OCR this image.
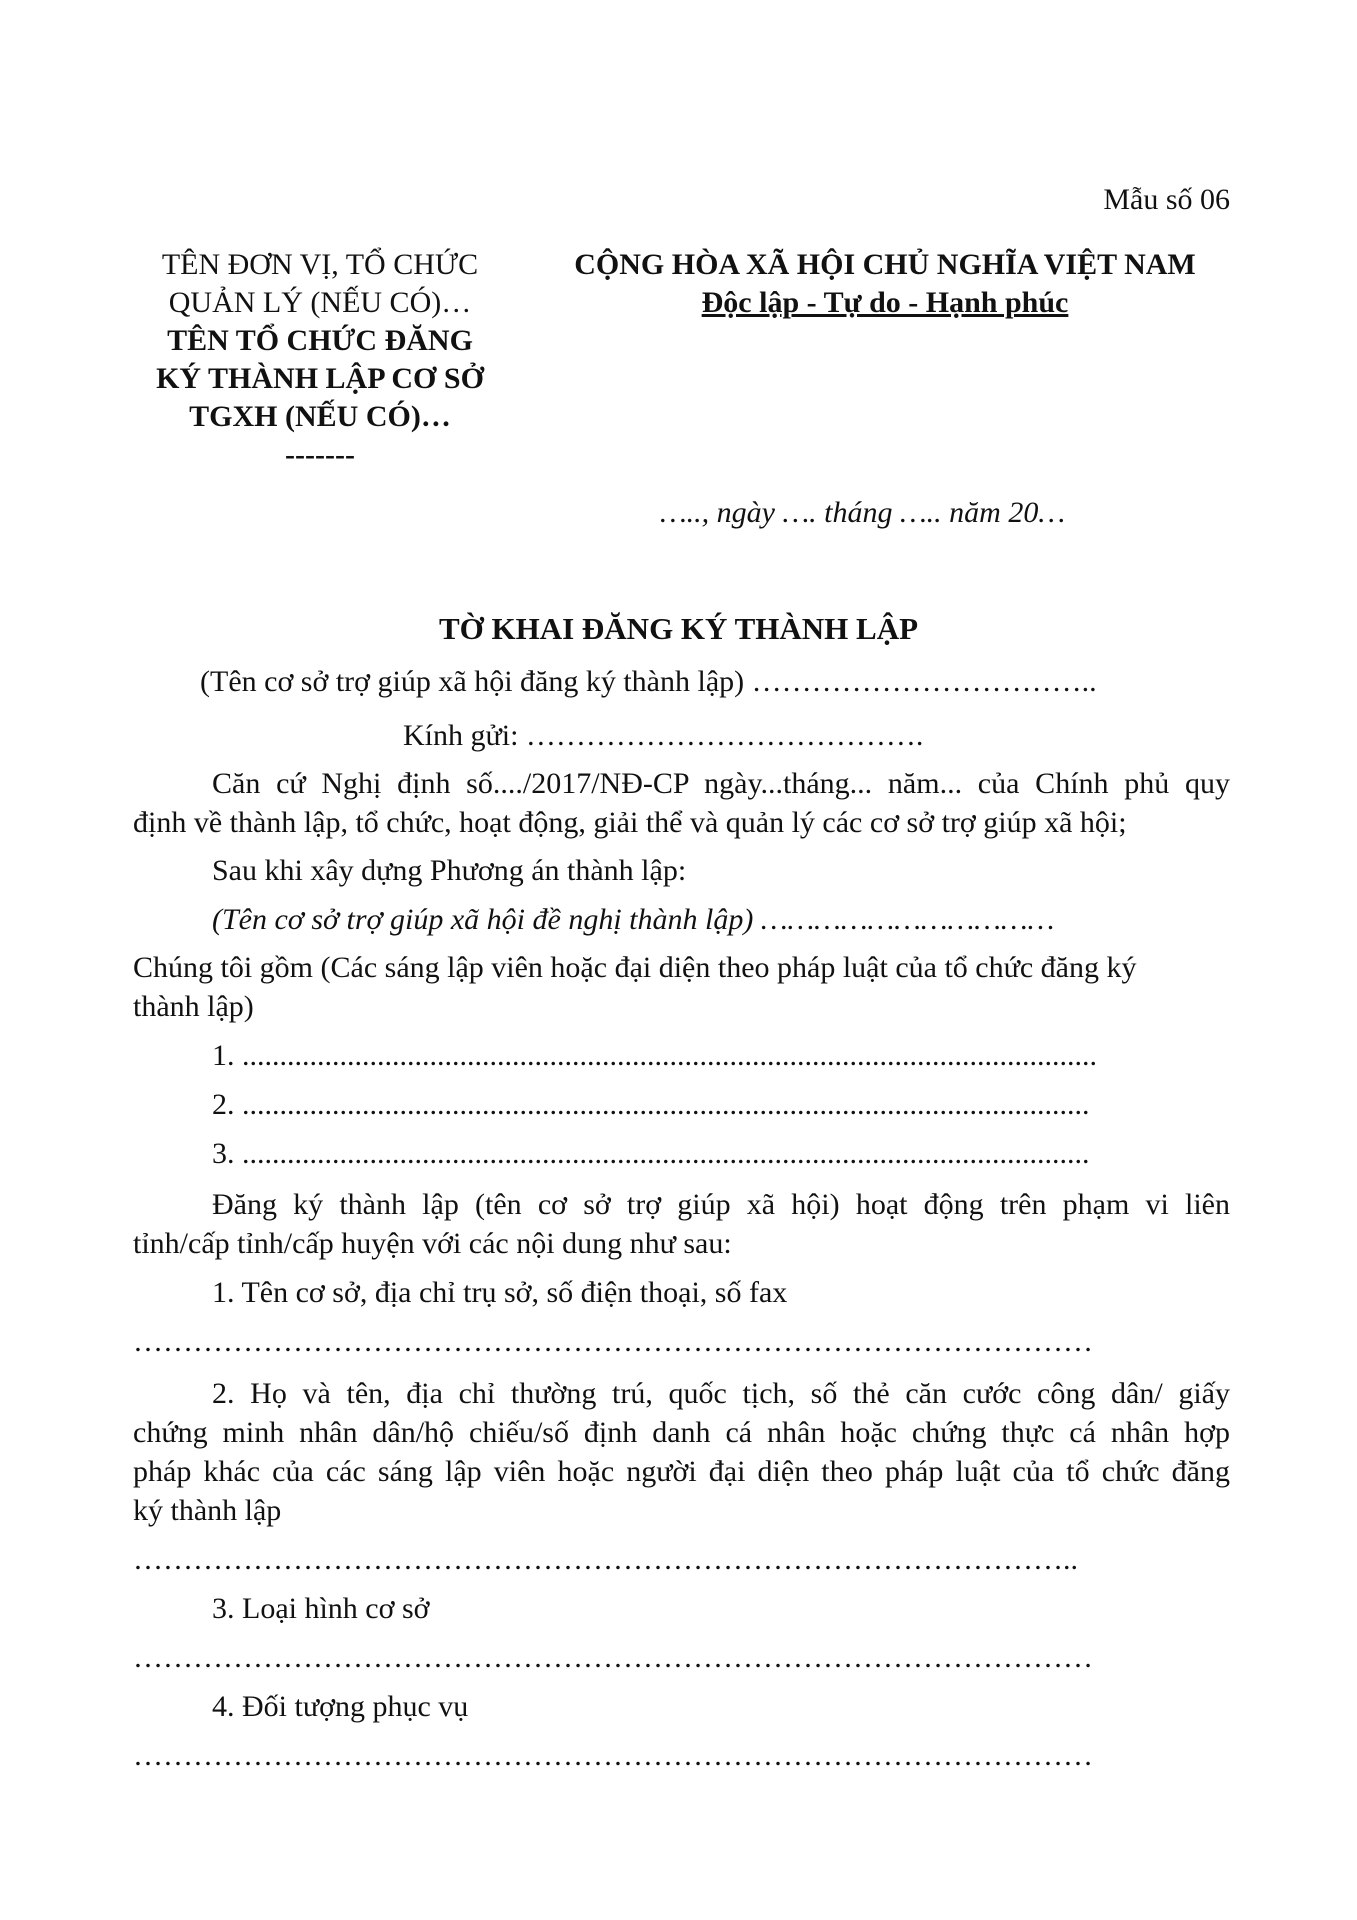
Mẫu số 06
TÊN ĐƠN VỊ, TỔ CHỨC
QUẢN LÝ (NẾU CÓ)…
TÊN TỔ CHỨC ĐĂNG
KÝ THÀNH LẬP CƠ SỞ
TGXH (NẾU CÓ)…
-------
CỘNG HÒA XÃ HỘI CHỦ NGHĨA VIỆT NAM
Độc lập - Tự do - Hạnh phúc
….., ngày …. tháng ….. năm 20…
TỜ KHAI ĐĂNG KÝ THÀNH LẬP
(Tên cơ sở trợ giúp xã hội đăng ký thành lập) ……………………………..
Kính gửi: ………………………………….
Căn cứ Nghị định số..../2017/NĐ-CP ngày...tháng... năm... của Chính phủ quy
định về thành lập, tổ chức, hoạt động, giải thể và quản lý các cơ sở trợ giúp xã hội;
Sau khi xây dựng Phương án thành lập:
(Tên cơ sở trợ giúp xã hội đề nghị thành lập) ……………………………
Chúng tôi gồm (Các sáng lập viên hoặc đại diện theo pháp luật của tổ chức đăng ký
thành lập)
1. ..................................................................................................................
2. .................................................................................................................
3. .................................................................................................................
Đăng ký thành lập (tên cơ sở trợ giúp xã hội) hoạt động trên phạm vi liên
tỉnh/cấp tỉnh/cấp huyện với các nội dung như sau:
1. Tên cơ sở, địa chỉ trụ sở, số điện thoại, số fax
……………………………………………………………………………………
2. Họ và tên, địa chỉ thường trú, quốc tịch, số thẻ căn cước công dân/ giấy
chứng minh nhân dân/hộ chiếu/số định danh cá nhân hoặc chứng thực cá nhân hợp
pháp khác của các sáng lập viên hoặc người đại diện theo pháp luật của tổ chức đăng
ký thành lập
…………………………………………………………………………………..
3. Loại hình cơ sở
……………………………………………………………………………………
4. Đối tượng phục vụ
……………………………………………………………………………………
